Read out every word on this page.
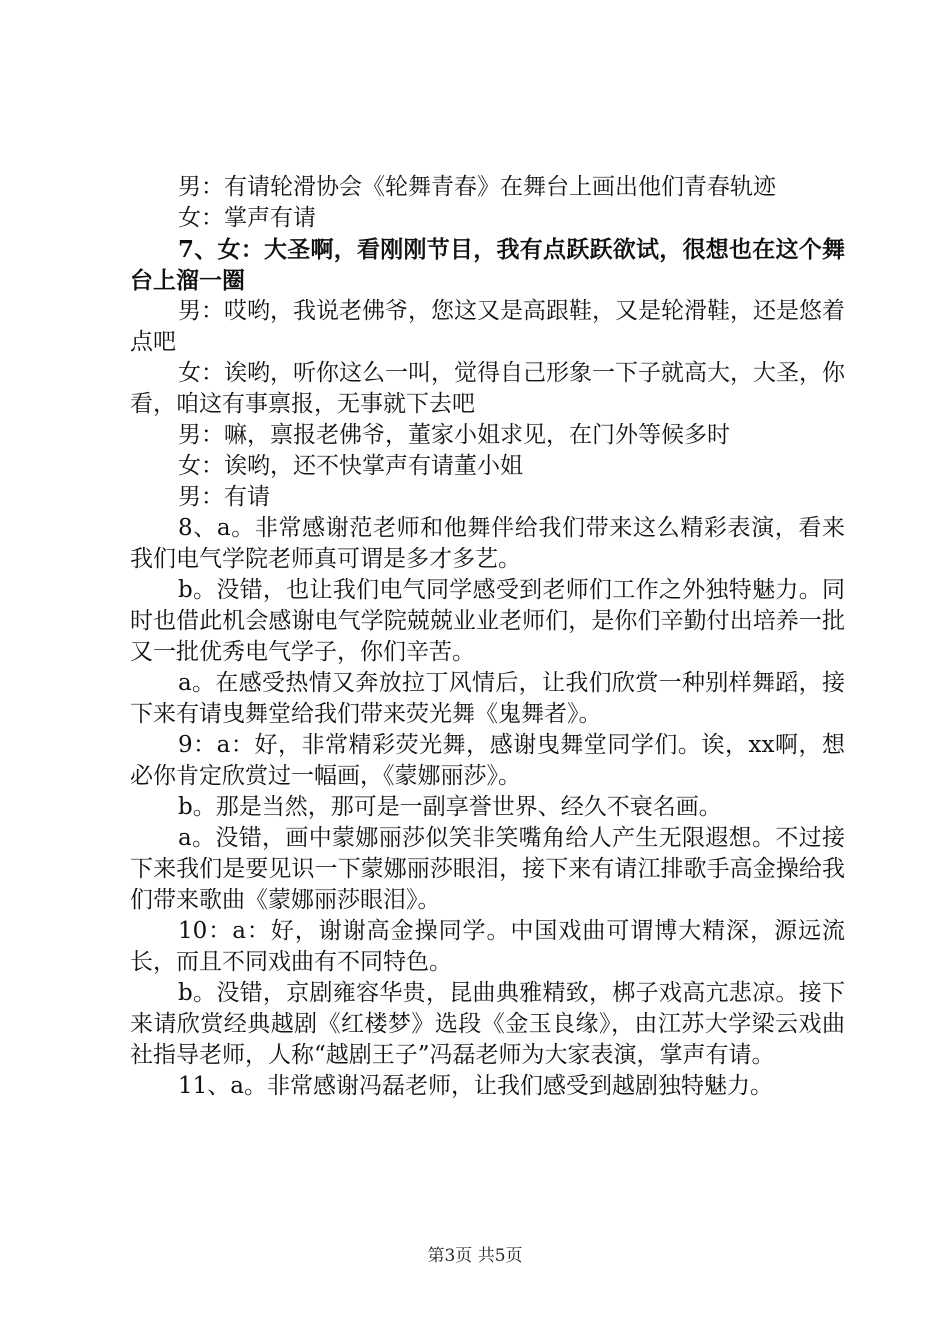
男：有请轮滑协会《轮舞青春》在舞台上画出他们青春轨迹

女：掌声有请

7、女：大圣啊，看刚刚节目，我有点跃跃欲试，很想也在这个舞台上溜一圈

男：哎哟，我说老佛爷，您这又是高跟鞋，又是轮滑鞋，还是悠着点吧

女：诶哟，听你这么一叫，觉得自己形象一下子就高大，大圣，你看，咱这有事禀报，无事就下去吧

男：嘛，禀报老佛爷，董家小姐求见，在门外等候多时

女：诶哟，还不快掌声有请董小姐

男：有请

8、a。非常感谢范老师和他舞伴给我们带来这么精彩表演，看来我们电气学院老师真可谓是多才多艺。

b。没错，也让我们电气同学感受到老师们工作之外独特魅力。同时也借此机会感谢电气学院兢兢业业老师们，是你们辛勤付出培养一批又一批优秀电气学子，你们辛苦。

a。在感受热情又奔放拉丁风情后，让我们欣赏一种别样舞蹈，接下来有请曳舞堂给我们带来荧光舞《鬼舞者》。

9：a：好，非常精彩荧光舞，感谢曳舞堂同学们。诶，xx啊，想必你肯定欣赏过一幅画，《蒙娜丽莎》。

b。那是当然，那可是一副享誉世界、经久不衰名画。

a。没错，画中蒙娜丽莎似笑非笑嘴角给人产生无限遐想。不过接下来我们是要见识一下蒙娜丽莎眼泪，接下来有请江排歌手高金操给我们带来歌曲《蒙娜丽莎眼泪》。

10：a：好，谢谢高金操同学。中国戏曲可谓博大精深，源远流长，而且不同戏曲有不同特色。

b。没错，京剧雍容华贵，昆曲典雅精致，梆子戏高亢悲凉。接下来请欣赏经典越剧《红楼梦》选段《金玉良缘》，由江苏大学梁云戏曲社指导老师，人称“越剧王子”冯磊老师为大家表演，掌声有请。

11、a。非常感谢冯磊老师，让我们感受到越剧独特魅力。

第3页 共5页
